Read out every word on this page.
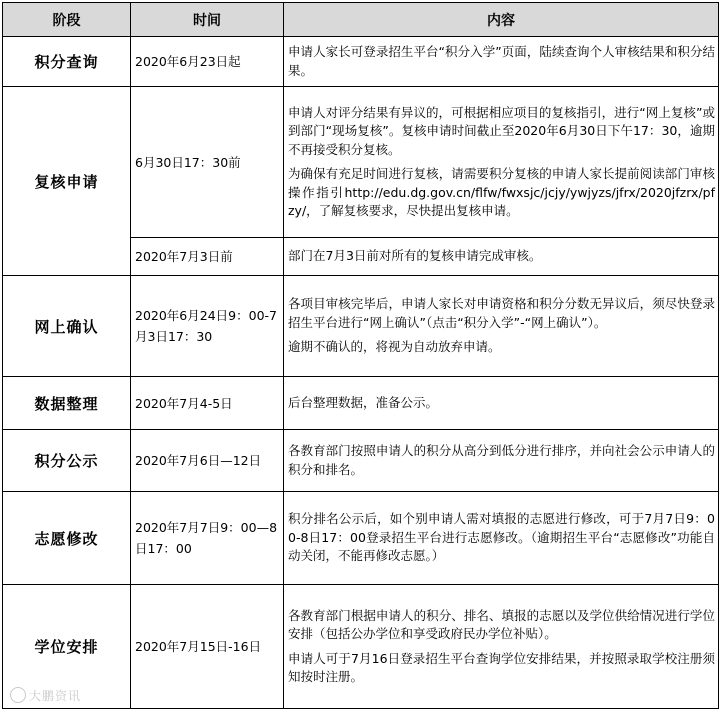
阶段	时间	内容
积分查询	2020年6月23日起	申请人家长可登录招生平台“积分入学”页面，陆续查询个人审核结果和积分结果。

复核申请	6月30日17：30前	申请人对评分结果有异议的，可根据相应项目的复核指引，进行“网上复核”或到部门“现场复核”。复核申请时间截止至2020年6月30日下午17：30，逾期不再接受积分复核。

为确保有充足时间进行复核，请需要积分复核的申请人家长提前阅读部门审核操作指引http://edu.dg.gov.cn/flfw/fwxsjc/jcjy/ywjyzs/jfrx/2020jfzrx/pfzy/，了解复核要求，尽快提出复核申请。

	2020年7月3日前	部门在7月3日前对所有的复核申请完成审核。

网上确认	2020年6月24日9：00-7月3日17：30	各项目审核完毕后，申请人家长对申请资格和积分分数无异议后，须尽快登录招生平台进行“网上确认”（点击“积分入学”-“网上确认”）。

逾期不确认的，将视为自动放弃申请。

数据整理	2020年7月4-5日	后台整理数据，准备公示。

积分公示	2020年7月6日—12日	各教育部门按照申请人的积分从高分到低分进行排序，并向社会公示申请人的积分和排名。

志愿修改	2020年7月7日9：00—8日17：00	积分排名公示后，如个别申请人需对填报的志愿进行修改，可于7月7日9：00-8日17：00登录招生平台进行志愿修改。（逾期招生平台“志愿修改”功能自动关闭，不能再修改志愿。）

学位安排	2020年7月15日-16日	各教育部门根据申请人的积分、排名、填报的志愿以及学位供给情况进行学位安排（包括公办学位和享受政府民办学位补贴）。

申请人可于7月16日登录招生平台查询学位安排结果，并按照录取学校注册须知按时注册。

大鹏资讯
